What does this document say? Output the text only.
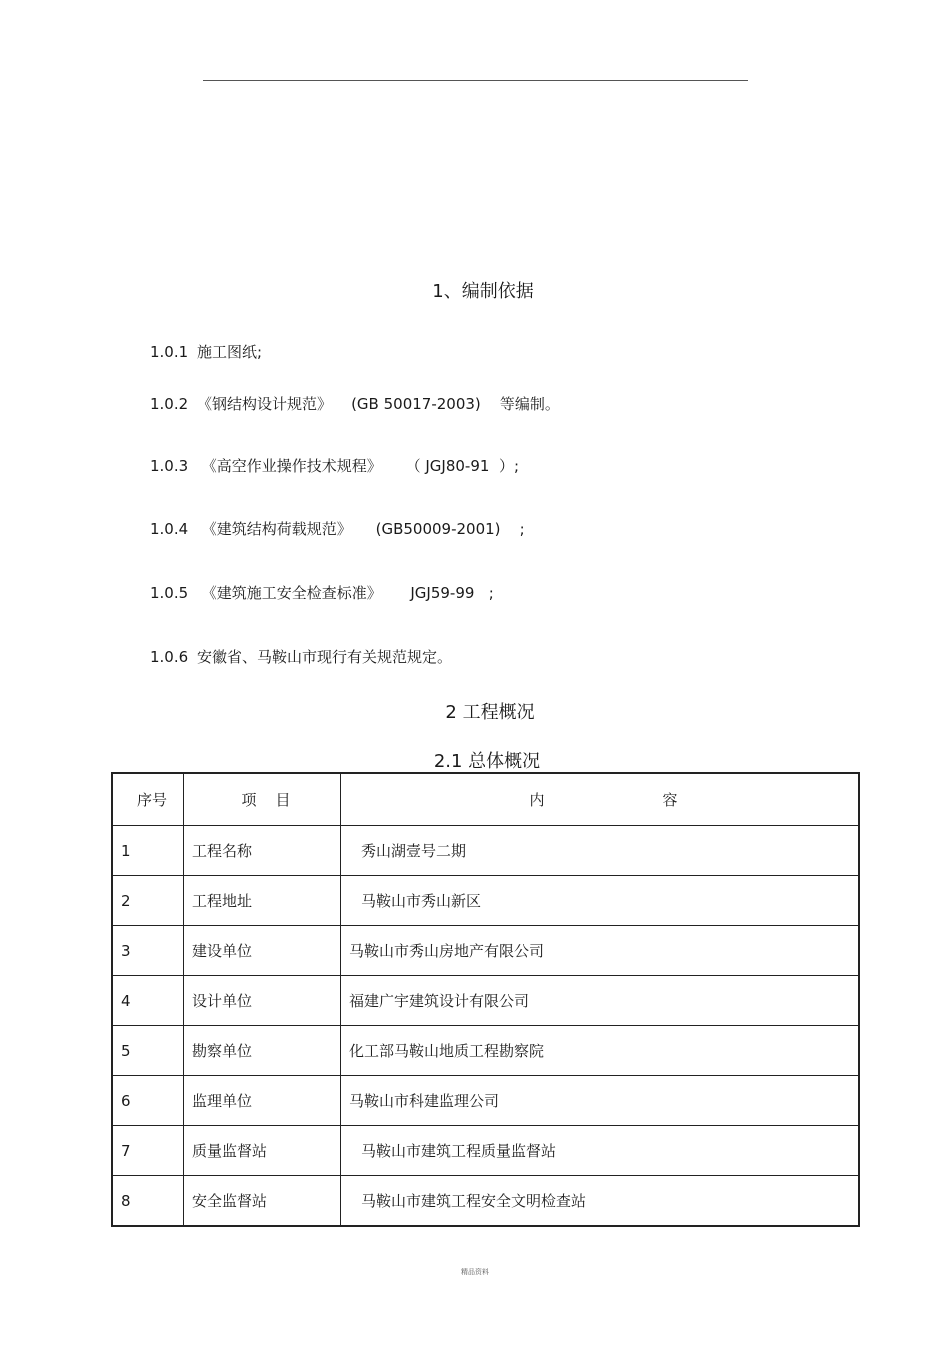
1、编制依据
1.0.1 施工图纸;
1.0.2 《钢结构设计规范》    (GB 50017-2003)    等编制。
1.0.3 《高空作业操作技术规程》     （ JGJ80-91  ）;
1.0.4 《建筑结构荷载规范》     (GB50009-2001)    ;
1.0.5 《建筑施工安全检查标准》      JGJ59-99   ;
1.0.6 安徽省、马鞍山市现行有关规范规定。
2 工程概况
2.1 总体概况
序号	项    目	内 容

1	工程名称	秀山湖壹号二期
2	工程地址	马鞍山市秀山新区
3	建设单位	马鞍山市秀山房地产有限公司
4	设计单位	福建广宇建筑设计有限公司
5	勘察单位	化工部马鞍山地质工程勘察院
6	监理单位	马鞍山市科建监理公司
7	质量监督站	马鞍山市建筑工程质量监督站
8	安全监督站	马鞍山市建筑工程安全文明检查站
精品资料
